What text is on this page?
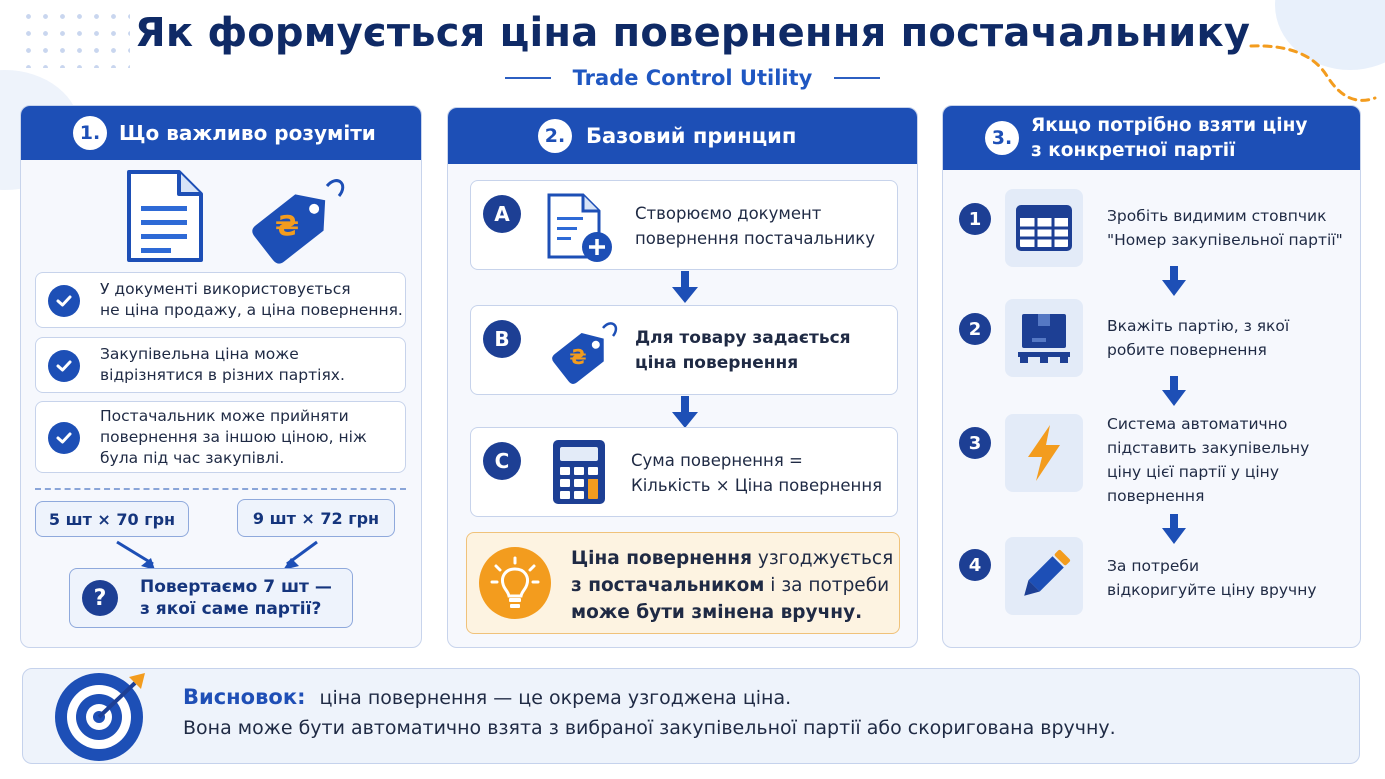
Як формується ціна повернення постачальнику
Trade Control Utility
1. Що важливо розуміти
₴
У документі використовується
не ціна продажу, а ціна повернення.
Закупівельна ціна може
відрізнятися в різних партіях.
Постачальник може прийняти
повернення за іншою ціною, ніж
була під час закупівлі.
5 шт × 70 грн	9 шт × 72 грн
?	Повертаємо 7 шт —
з якої саме партії?
2. Базовий принцип
A	Створюємо документ
повернення постачальнику
B
₴
Для товару задається
ціна повернення
C	Сума повернення =
Кількість × Ціна повернення
Ціна повернення узгоджується
з постачальником і за потреби
може бути змінена вручну.
3.
Якщо потрібно взяти ціну
з конкретної партії
1	Зробіть видимим стовпчик
"Номер закупівельної партії"
2	Вкажіть партію, з якої
робите повернення
3
Система автоматично
підставить закупівельну
ціну цієї партії у ціну
повернення
4	За потреби
відкоригуйте ціну вручну
Висновок: ціна повернення — це окрема узгоджена ціна.
Вона може бути автоматично взята з вибраної закупівельної партії або скоригована вручну.
